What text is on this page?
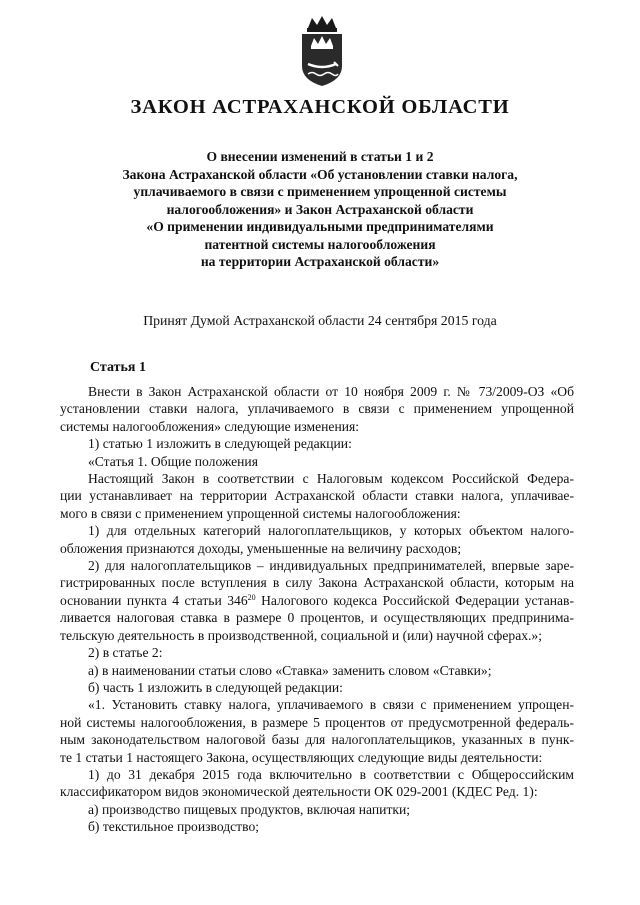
ЗАКОН АСТРАХАНСКОЙ ОБЛАСТИ
О внесении изменений в статьи 1 и 2
Закона Астраханской области «Об установлении ставки налога,
уплачиваемого в связи с применением упрощенной системы
налогообложения» и Закон Астраханской области
«О применении индивидуальными предпринимателями
патентной системы налогообложения
на территории Астраханской области»
Принят Думой Астраханской области 24 сентября 2015 года
Статья 1
Внести в Закон Астраханской области от 10 ноября 2009 г. № 73/2009-ОЗ «Об
установлении ставки налога, уплачиваемого в связи с применением упрощенной
системы налогообложения» следующие изменения:
1) статью 1 изложить в следующей редакции:
«Статья 1. Общие положения
Настоящий Закон в соответствии с Налоговым кодексом Российской Федера-
ции устанавливает на территории Астраханской области ставки налога, уплачивае-
мого в связи с применением упрощенной системы налогообложения:
1) для отдельных категорий налогоплательщиков, у которых объектом налого-
обложения признаются доходы, уменьшенные на величину расходов;
2) для налогоплательщиков – индивидуальных предпринимателей, впервые заре-
гистрированных после вступления в силу Закона Астраханской области, которым на
основании пункта 4 статьи $346^{20}$ Налогового кодекса Российской Федерации устанав-
ливается налоговая ставка в размере 0 процентов, и осуществляющих предпринима-
тельскую деятельность в производственной, социальной и (или) научной сферах.»;
2) в статье 2:
а) в наименовании статьи слово «Ставка» заменить словом «Ставки»;
б) часть 1 изложить в следующей редакции:
«1. Установить ставку налога, уплачиваемого в связи с применением упрощен-
ной системы налогообложения, в размере 5 процентов от предусмотренной федераль-
ным законодательством налоговой базы для налогоплательщиков, указанных в пунк-
те 1 статьи 1 настоящего Закона, осуществляющих следующие виды деятельности:
1) до 31 декабря 2015 года включительно в соответствии с Общероссийским
классификатором видов экономической деятельности ОК 029-2001 (КДЕС Ред. 1):
а) производство пищевых продуктов, включая напитки;
б) текстильное производство;
